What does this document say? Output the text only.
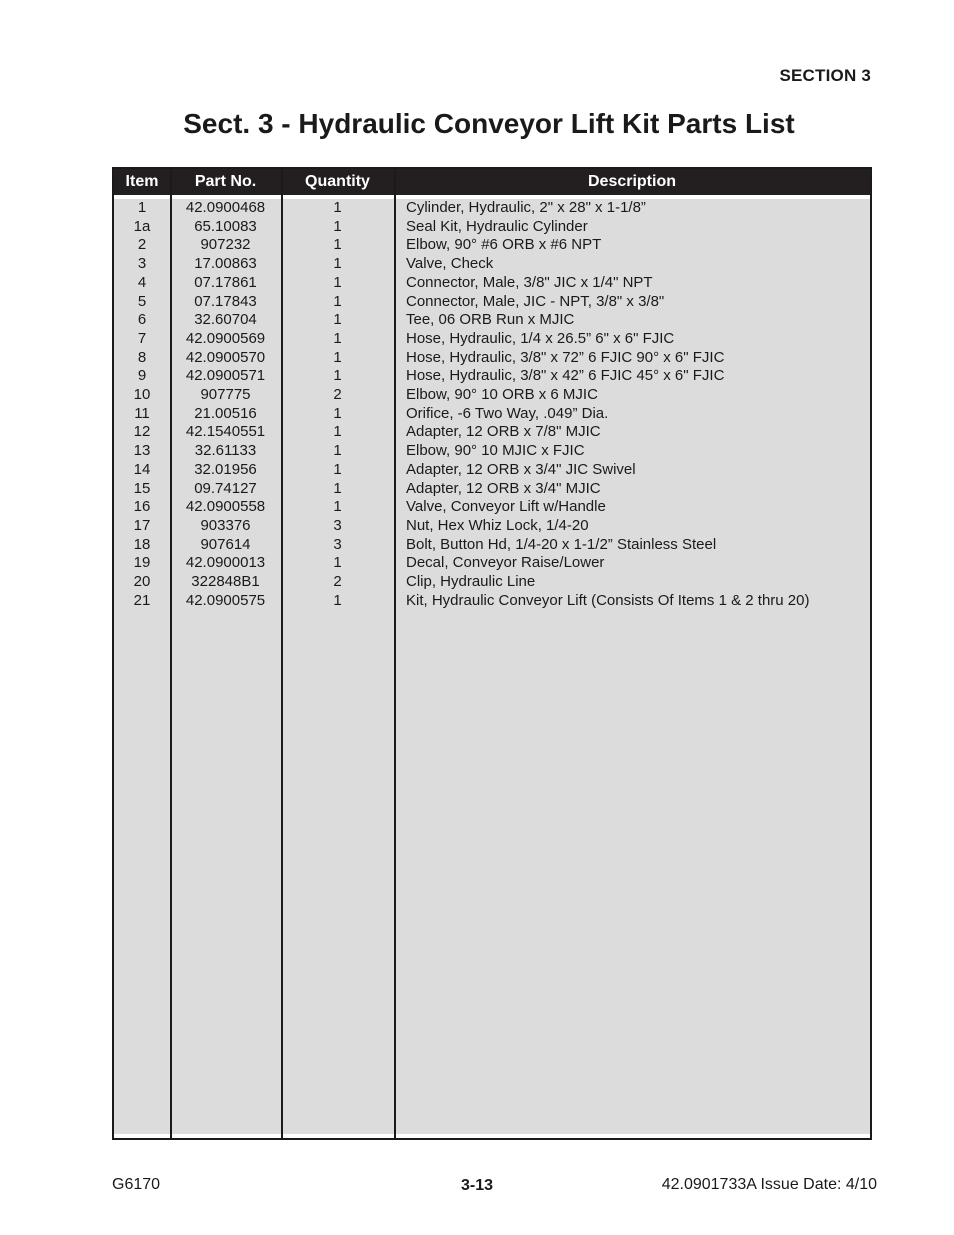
SECTION 3
Sect. 3 - Hydraulic Conveyor Lift Kit Parts List
Item	Part No.	Quantity	Description

1	42.0900468	1	Cylinder, Hydraulic, 2" x 28" x 1-1/8”
1a	65.10083	1	Seal Kit, Hydraulic Cylinder
2	907232	1	Elbow, 90° #6 ORB x #6 NPT
3	17.00863	1	Valve, Check
4	07.17861	1	Connector, Male, 3/8" JIC x 1/4" NPT
5	07.17843	1	Connector, Male, JIC - NPT, 3/8" x 3/8"
6	32.60704	1	Tee, 06 ORB Run x MJIC
7	42.0900569	1	Hose, Hydraulic, 1/4 x 26.5” 6" x 6" FJIC
8	42.0900570	1	Hose, Hydraulic, 3/8" x 72” 6 FJIC 90° x 6" FJIC
9	42.0900571	1	Hose, Hydraulic, 3/8" x 42” 6 FJIC 45° x 6" FJIC
10	907775	2	Elbow, 90° 10 ORB x 6 MJIC
11	21.00516	1	Orifice, -6 Two Way, .049” Dia.
12	42.1540551	1	Adapter, 12 ORB x 7/8" MJIC
13	32.61133	1	Elbow, 90° 10 MJIC x FJIC
14	32.01956	1	Adapter, 12 ORB x 3/4" JIC Swivel
15	09.74127	1	Adapter, 12 ORB x 3/4" MJIC
16	42.0900558	1	Valve, Conveyor Lift w/Handle
17	903376	3	Nut, Hex Whiz Lock, 1/4-20
18	907614	3	Bolt, Button Hd, 1/4-20 x 1-1/2” Stainless Steel
19	42.0900013	1	Decal, Conveyor Raise/Lower
20	322848B1	2	Clip, Hydraulic Line
21	42.0900575	1	Kit, Hydraulic Conveyor Lift (Consists Of Items 1 & 2 thru 20)

G6170	3-13	42.0901733A Issue Date: 4/10
